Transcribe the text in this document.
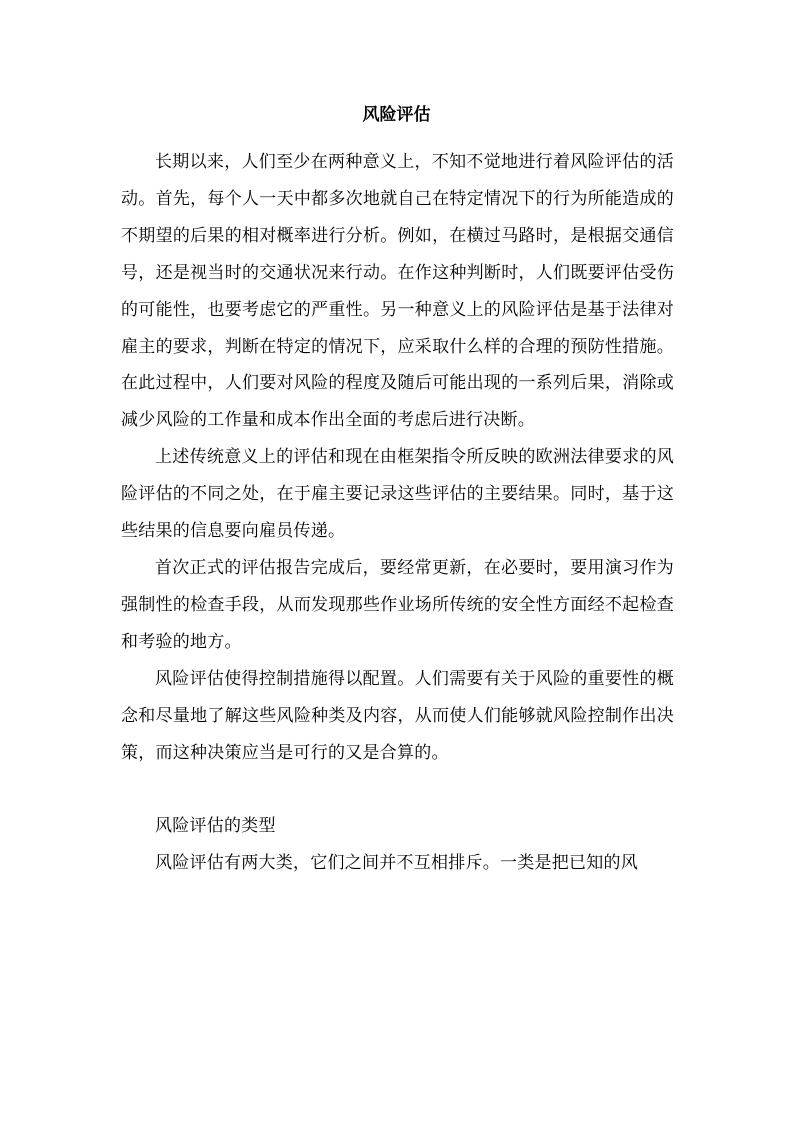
风险评估

长期以来，人们至少在两种意义上，不知不觉地进行着风险评估的活动。首先，每个人一天中都多次地就自己在特定情况下的行为所能造成的不期望的后果的相对概率进行分析。例如，在横过马路时，是根据交通信号，还是视当时的交通状况来行动。在作这种判断时，人们既要评估受伤的可能性，也要考虑它的严重性。另一种意义上的风险评估是基于法律对雇主的要求，判断在特定的情况下，应采取什么样的合理的预防性措施。在此过程中，人们要对风险的程度及随后可能出现的一系列后果，消除或减少风险的工作量和成本作出全面的考虑后进行决断。

上述传统意义上的评估和现在由框架指令所反映的欧洲法律要求的风险评估的不同之处，在于雇主要记录这些评估的主要结果。同时，基于这些结果的信息要向雇员传递。

首次正式的评估报告完成后，要经常更新，在必要时，要用演习作为强制性的检查手段，从而发现那些作业场所传统的安全性方面经不起检查和考验的地方。

风险评估使得控制措施得以配置。人们需要有关于风险的重要性的概念和尽量地了解这些风险种类及内容，从而使人们能够就风险控制作出决策，而这种决策应当是可行的又是合算的。

风险评估的类型

风险评估有两大类，它们之间并不互相排斥。一类是把已知的风
